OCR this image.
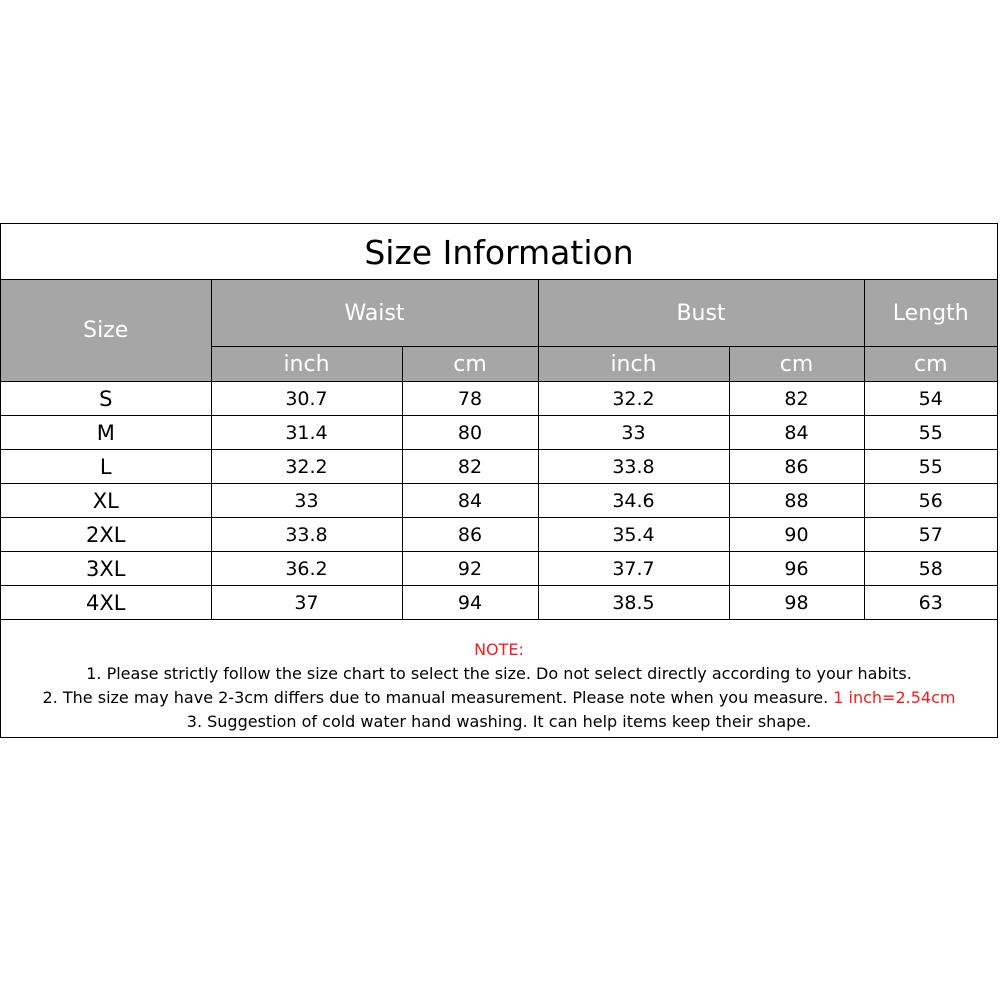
Size Information
Size	Waist		Bust		Length
	inch	cm	inch	cm	cm
S	30.7	78	32.2	82	54
M	31.4	80	33	84	55
L	32.2	82	33.8	86	55
XL	33	84	34.6	88	56
2XL	33.8	86	35.4	90	57
3XL	36.2	92	37.7	96	58
4XL	37	94	38.5	98	63
NOTE:
1. Please strictly follow the size chart to select the size. Do not select directly according to your habits.
2. The size may have 2-3cm differs due to manual measurement. Please note when you measure. 1 inch=2.54cm
3. Suggestion of cold water hand washing. It can help items keep their shape.
